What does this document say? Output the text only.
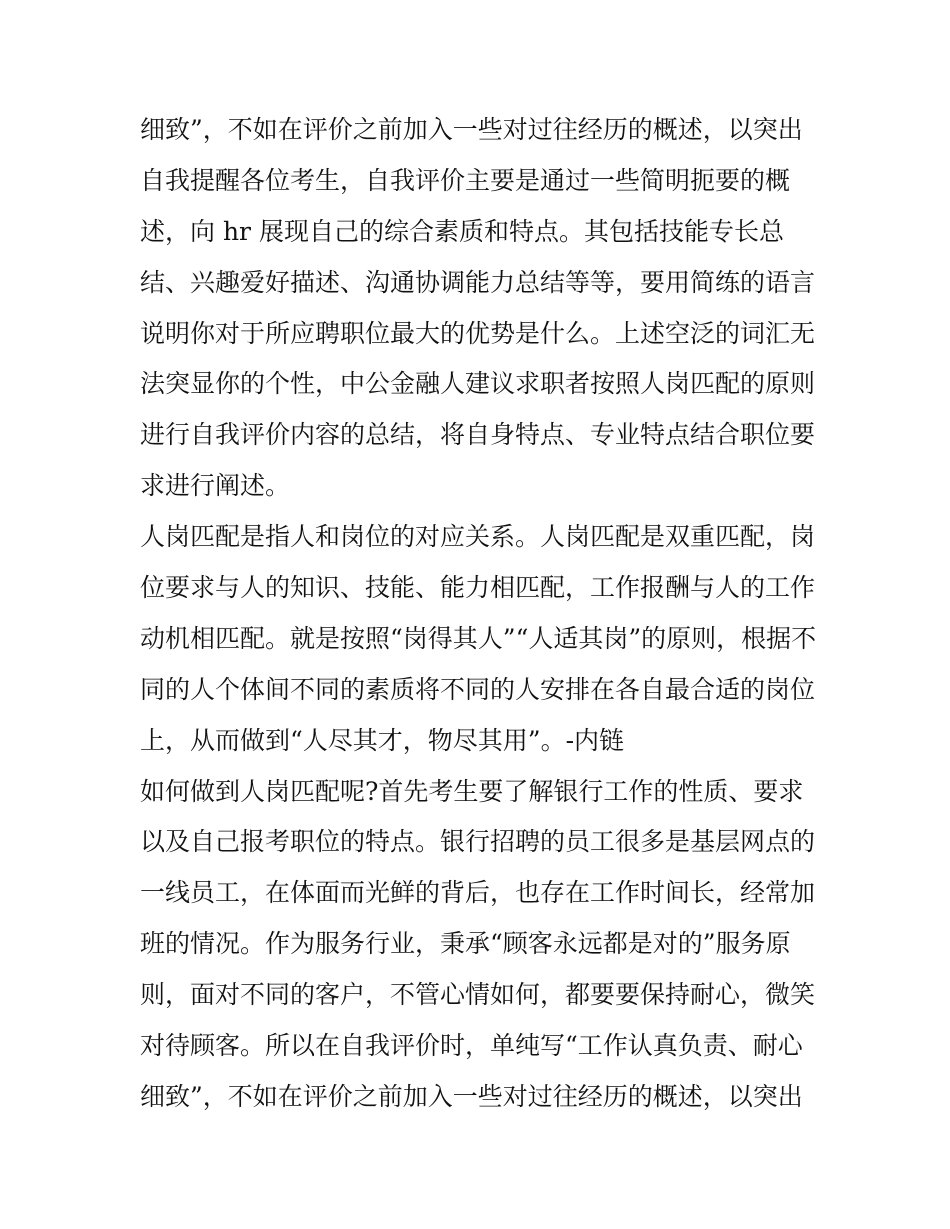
细致”，不如在评价之前加入一些对过往经历的概述，以突出
自我提醒各位考生，自我评价主要是通过一些简明扼要的概
述，向 hr 展现自己的综合素质和特点。其包括技能专长总
结、兴趣爱好描述、沟通协调能力总结等等，要用简练的语言
说明你对于所应聘职位最大的优势是什么。上述空泛的词汇无
法突显你的个性，中公金融人建议求职者按照人岗匹配的原则
进行自我评价内容的总结，将自身特点、专业特点结合职位要
求进行阐述。
人岗匹配是指人和岗位的对应关系。人岗匹配是双重匹配，岗
位要求与人的知识、技能、能力相匹配，工作报酬与人的工作
动机相匹配。就是按照“岗得其人”“人适其岗”的原则，根据不
同的人个体间不同的素质将不同的人安排在各自最合适的岗位
上，从而做到“人尽其才，物尽其用”。-内链
如何做到人岗匹配呢?首先考生要了解银行工作的性质、要求
以及自己报考职位的特点。银行招聘的员工很多是基层网点的
一线员工，在体面而光鲜的背后，也存在工作时间长，经常加
班的情况。作为服务行业，秉承“顾客永远都是对的”服务原
则，面对不同的客户，不管心情如何，都要要保持耐心，微笑
对待顾客。所以在自我评价时，单纯写“工作认真负责、耐心
细致”，不如在评价之前加入一些对过往经历的概述，以突出
